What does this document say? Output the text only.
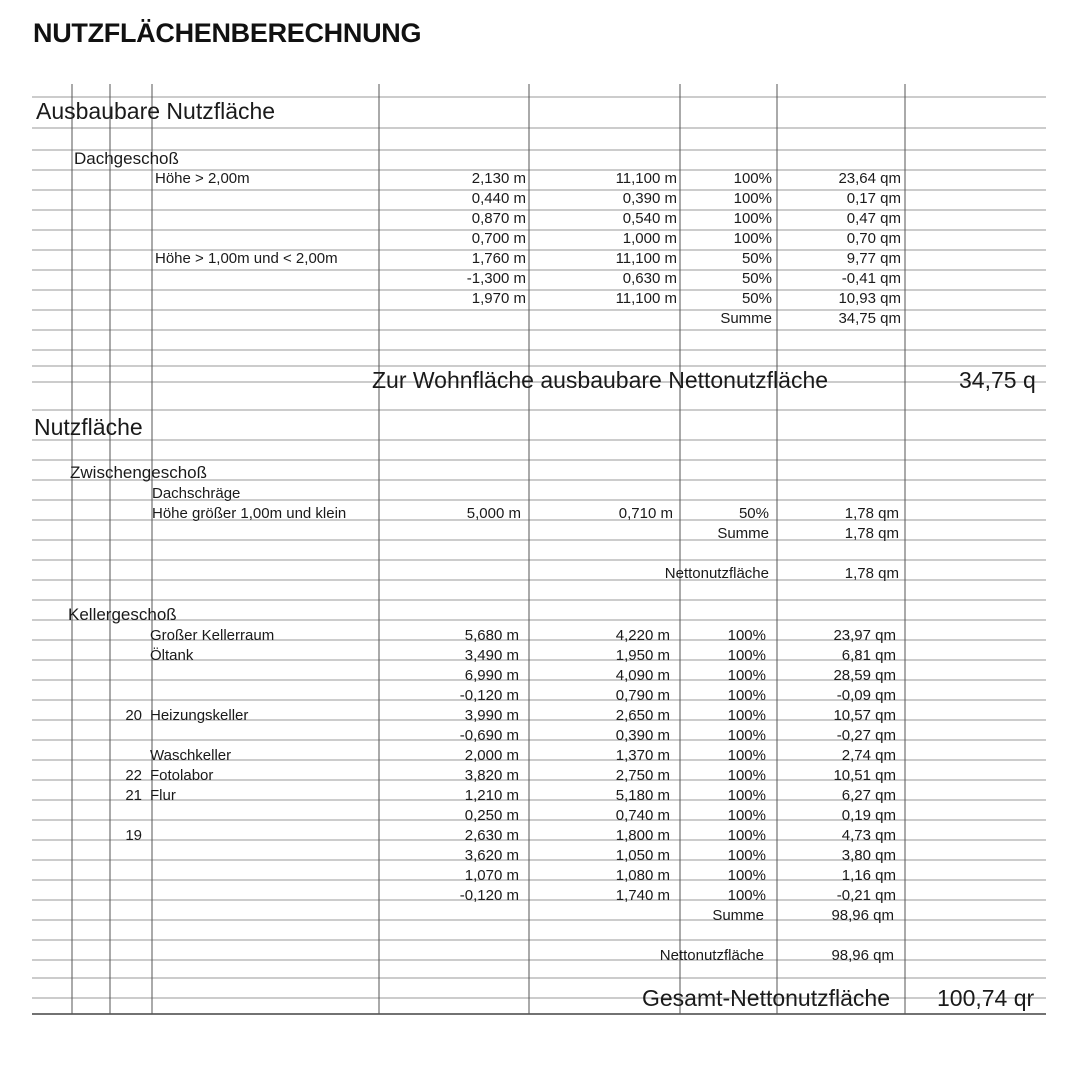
NUTZFLÄCHENBERECHNUNG
Ausbaubare Nutzfläche
Dachgeschoß
Höhe > 2,00m	2,130 m	11,100 m	100%	23,64 qm
0,440 m	0,390 m	100%	0,17 qm
0,870 m	0,540 m	100%	0,47 qm
0,700 m	1,000 m	100%	0,70 qm
Höhe > 1,00m und < 2,00m	1,760 m	11,100 m	50%	9,77 qm
-1,300 m	0,630 m	50%	-0,41 qm
1,970 m	11,100 m	50%	10,93 qm
Summe	34,75 qm
Zur Wohnfläche ausbaubare Nettonutzfläche	34,75 q
Nutzfläche
Zwischengeschoß
Dachschräge
Höhe größer 1,00m und klein	5,000 m	0,710 m	50%	1,78 qm
Summe	1,78 qm
Nettonutzfläche	1,78 qm
Kellergeschoß
Großer Kellerraum	5,680 m	4,220 m	100%	23,97 qm
Öltank	3,490 m	1,950 m	100%	6,81 qm
6,990 m	4,090 m	100%	28,59 qm
-0,120 m	0,790 m	100%	-0,09 qm
20 Heizungskeller	3,990 m	2,650 m	100%	10,57 qm
-0,690 m	0,390 m	100%	-0,27 qm
Waschkeller	2,000 m	1,370 m	100%	2,74 qm
22 Fotolabor	3,820 m	2,750 m	100%	10,51 qm
21 Flur	1,210 m	5,180 m	100%	6,27 qm
0,250 m	0,740 m	100%	0,19 qm
19	2,630 m	1,800 m	100%	4,73 qm
3,620 m	1,050 m	100%	3,80 qm
1,070 m	1,080 m	100%	1,16 qm
-0,120 m	1,740 m	100%	-0,21 qm
Summe	98,96 qm
Nettonutzfläche	98,96 qm
Gesamt-Nettonutzfläche 100,74 qr
